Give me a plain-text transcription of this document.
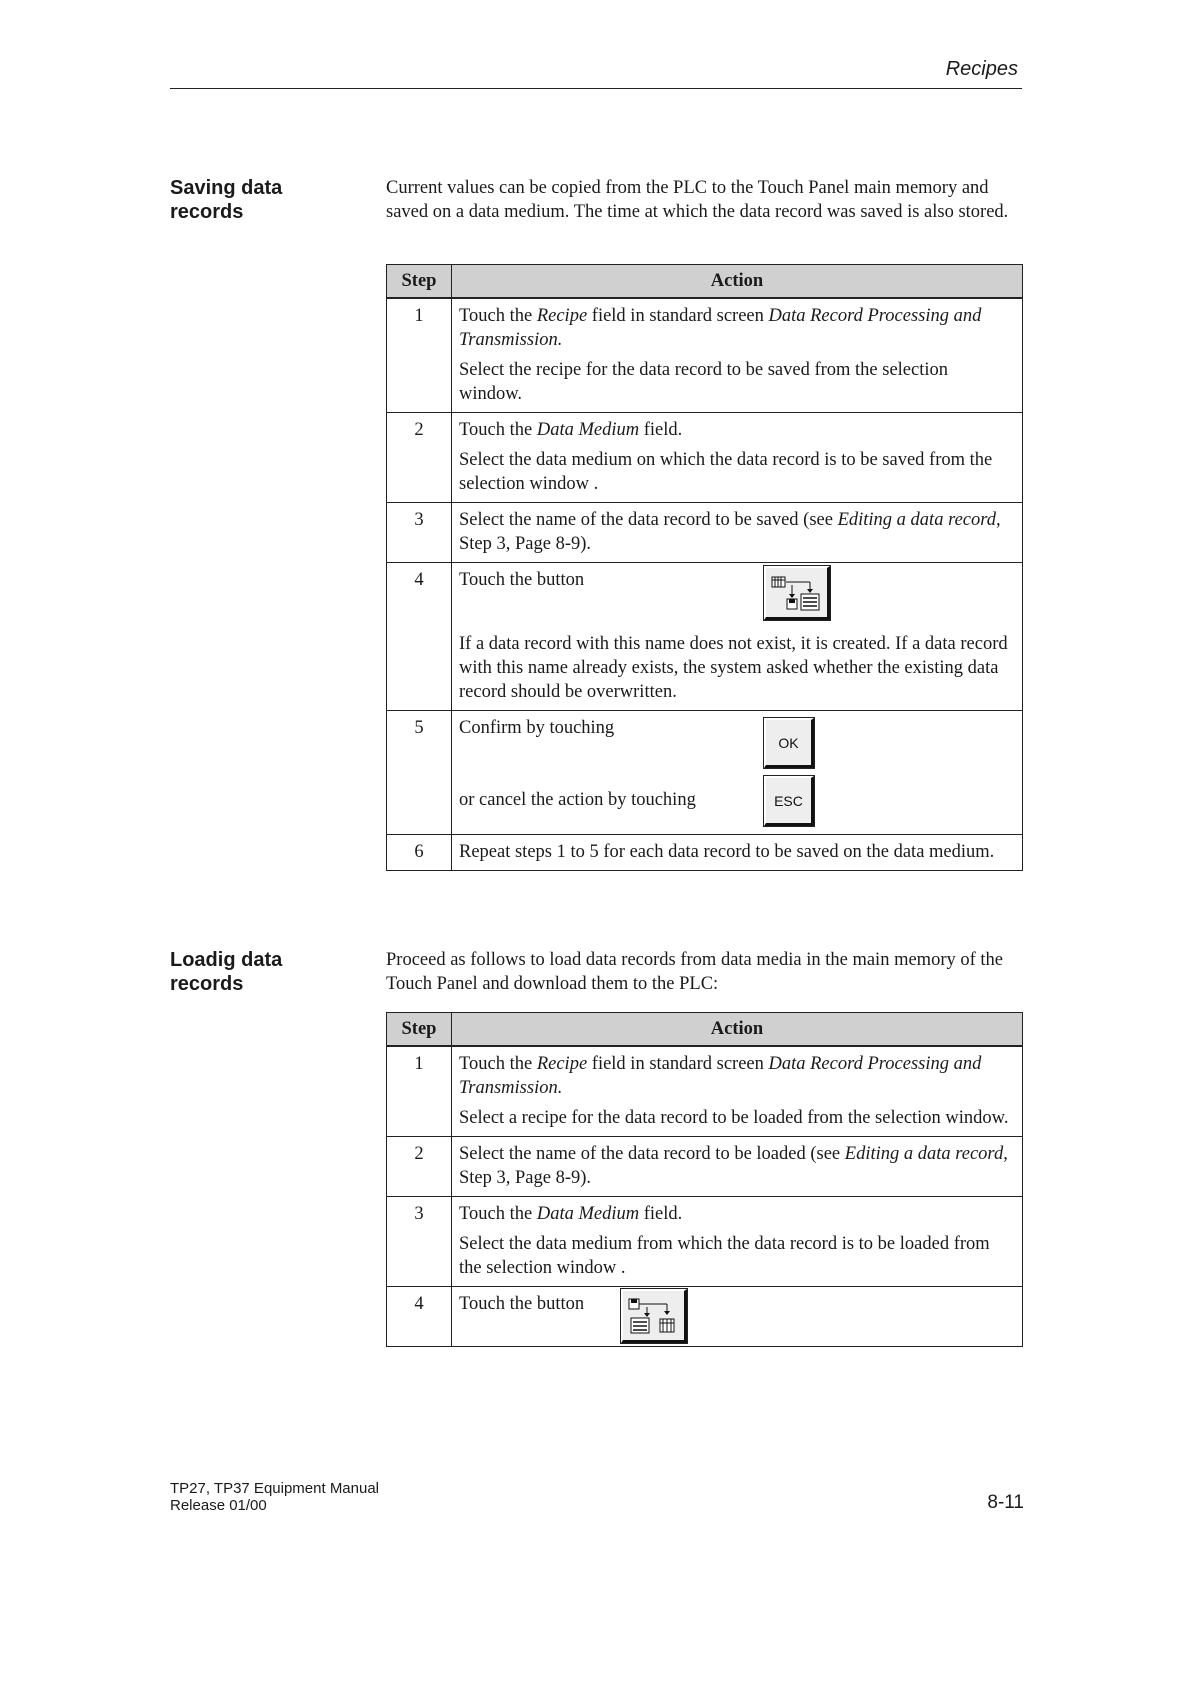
Recipes
Saving data
records
Current values can be copied from the PLC to the Touch Panel main memory and saved on a data medium. The time at which the data record was saved is also stored.
Step	Action
1	Touch the Recipe field in standard screen Data Record Processing and Transmission.
Select the recipe for the data record to be saved from the selection window.

2	Touch the Data Medium field.
Select the data medium on which the data record is to be saved from the selection window .

3	Select the name of the data record to be saved (see Editing a data record, Step 3, Page 8-9).

4	Touch the button
If a data record with this name does not exist, it is created. If a data record with this name already exists, the system asked whether the existing data record should be overwritten.

5	Confirm by touching
OK
or cancel the action by touching ESC

6	Repeat steps 1 to 5 for each data record to be saved on the data medium.
Loadig data
records
Proceed as follows to load data records from data media in the main memory of the Touch Panel and download them to the PLC:
Step	Action
1	Touch the Recipe field in standard screen Data Record Processing and Transmission.
Select a recipe for the data record to be loaded from the selection window.

2	Select the name of the data record to be loaded (see Editing a data record, Step 3, Page 8-9).

3	Touch the Data Medium field.
Select the data medium from which the data record is to be loaded from the selection window .

4	Touch the button
TP27, TP37 Equipment Manual
Release 01/00	8-11
